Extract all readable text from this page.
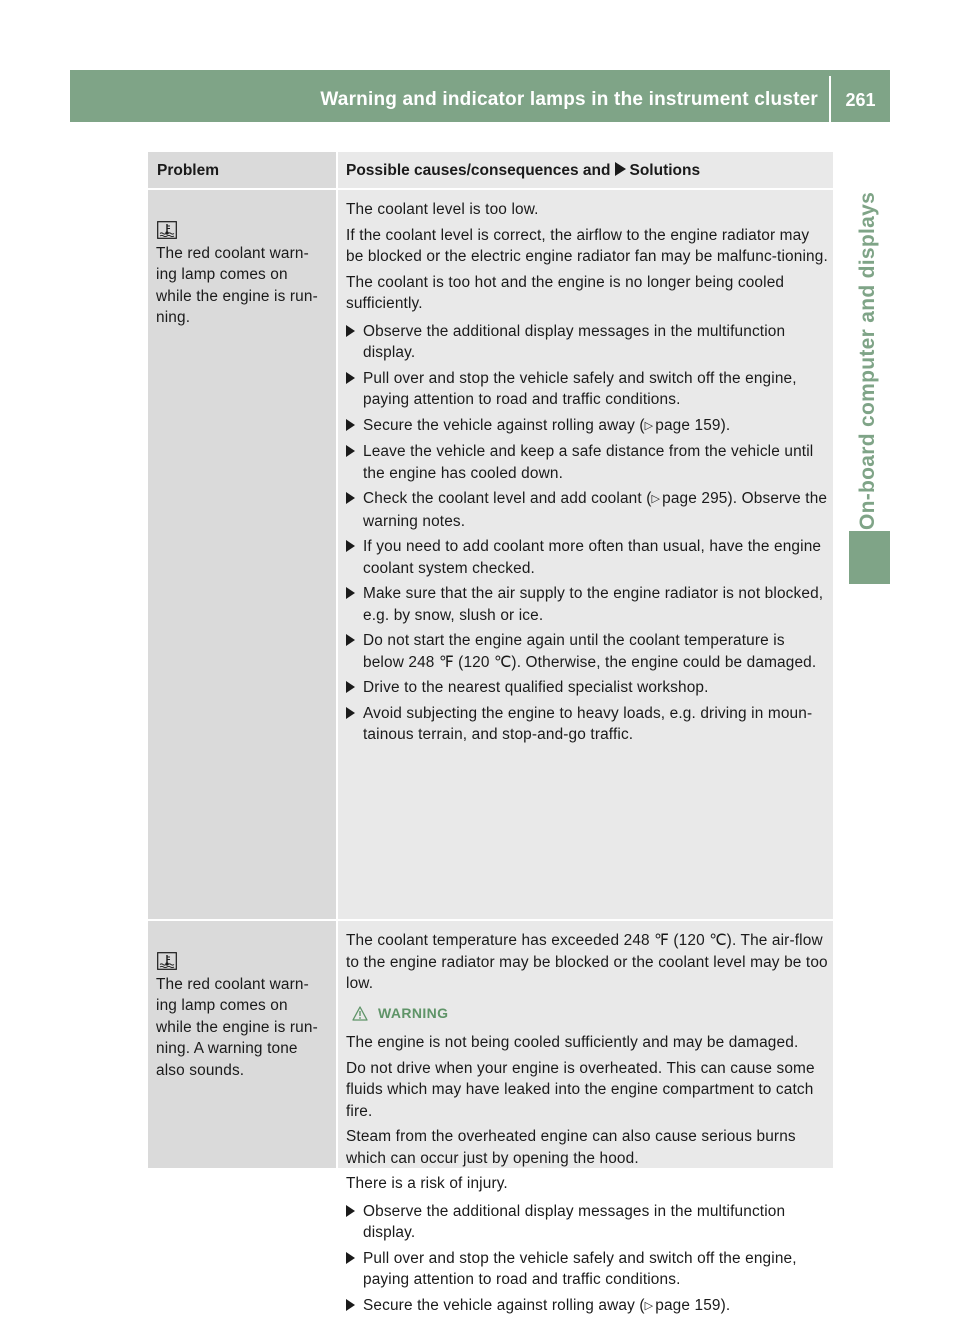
Warning and indicator lamps in the instrument cluster	261
On-board computer and displays
Problem	Possible causes/consequences and Solutions

The red coolant warn-
ing lamp comes on
while the engine is run-
ning.

The coolant level is too low.

If the coolant level is correct, the airflow to the engine radiator may be blocked or the electric engine radiator fan may be malfunc-tioning.

The coolant is too hot and the engine is no longer being cooled sufficiently.

Observe the additional display messages in the multifunction display.
Pull over and stop the vehicle safely and switch off the engine, paying attention to road and traffic conditions.
Secure the vehicle against rolling away (▷ page 159).
Leave the vehicle and keep a safe distance from the vehicle until the engine has cooled down.
Check the coolant level and add coolant (▷ page 295). Observe the warning notes.
If you need to add coolant more often than usual, have the engine coolant system checked.
Make sure that the air supply to the engine radiator is not blocked, e.g. by snow, slush or ice.
Do not start the engine again until the coolant temperature is below 248 ℉ (120 ℃). Otherwise, the engine could be damaged.
Drive to the nearest qualified specialist workshop.
Avoid subjecting the engine to heavy loads, e.g. driving in moun-tainous terrain, and stop-and-go traffic.

The red coolant warn-
ing lamp comes on
while the engine is run-
ning. A warning tone
also sounds.

The coolant temperature has exceeded 248 ℉ (120 ℃). The air-flow to the engine radiator may be blocked or the coolant level may be too low.

WARNING

The engine is not being cooled sufficiently and may be damaged.

Do not drive when your engine is overheated. This can cause some fluids which may have leaked into the engine compartment to catch fire.

Steam from the overheated engine can also cause serious burns which can occur just by opening the hood.

There is a risk of injury.

Observe the additional display messages in the multifunction display.
Pull over and stop the vehicle safely and switch off the engine, paying attention to road and traffic conditions.
Secure the vehicle against rolling away (▷ page 159).
